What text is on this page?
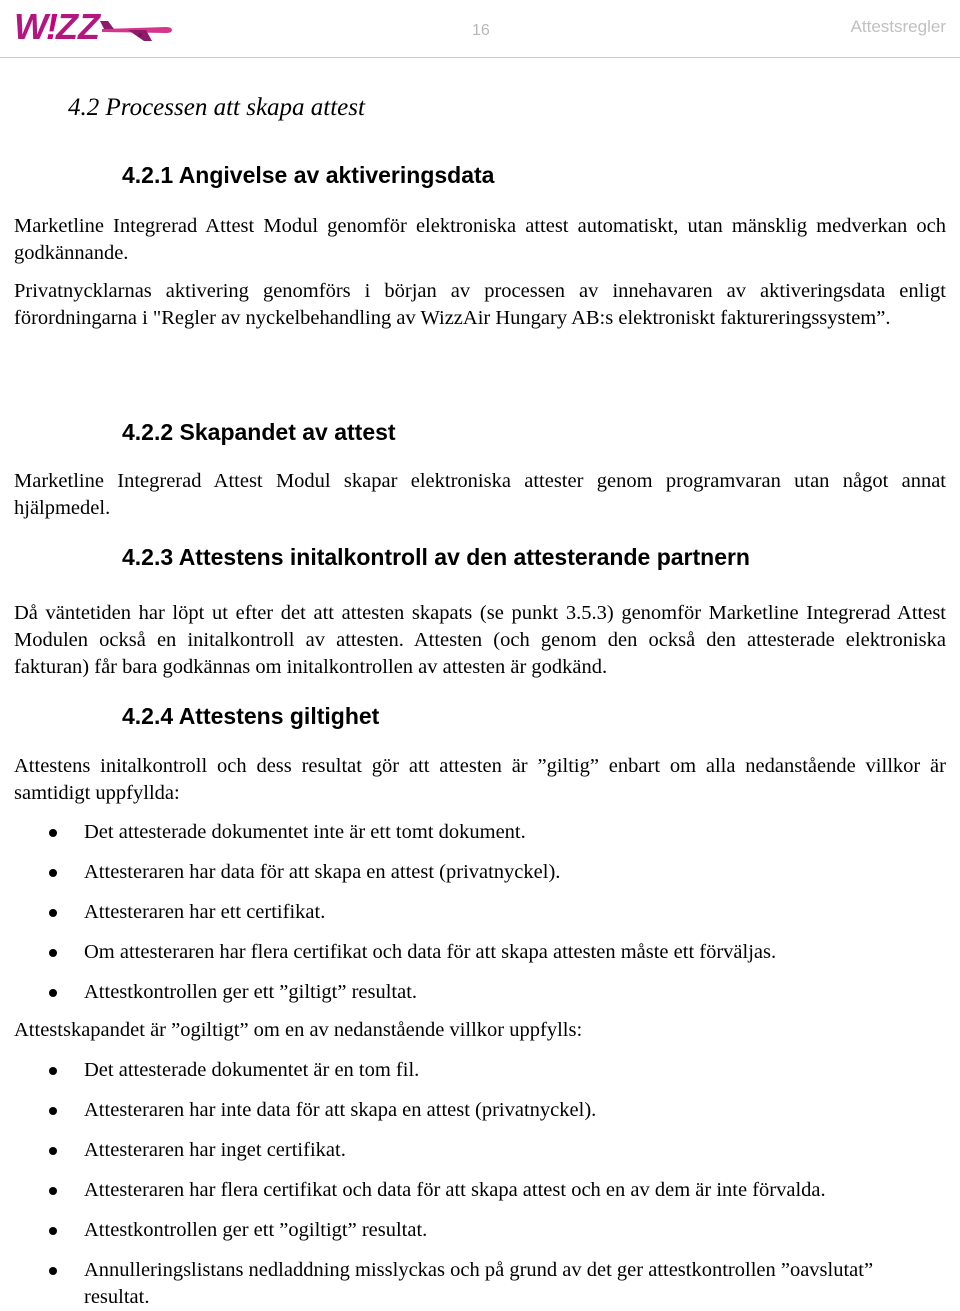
W
!
ZZ	16	Attestsregler
4.2 Processen att skapa attest
4.2.1 Angivelse av aktiveringsdata

Marketline Integrerad Attest Modul genomför elektroniska attest automatiskt, utan mänsklig medverkan och godkännande.

Privatnycklarnas aktivering genomförs i början av processen av innehavaren av aktiveringsdata enligt förordningarna i "Regler av nyckelbehandling av WizzAir Hungary AB:s elektroniskt faktureringssystem”.

4.2.2 Skapandet av attest

Marketline Integrerad Attest Modul skapar elektroniska attester genom programvaran utan något annat hjälpmedel.

4.2.3 Attestens initalkontroll av den attesterande partnern

Då väntetiden har löpt ut efter det att attesten skapats (se punkt 3.5.3) genomför Marketline Integrerad Attest Modulen också en initalkontroll av attesten. Attesten (och genom den också den attesterade elektroniska fakturan) får bara godkännas om initalkontrollen av attesten är godkänd.

4.2.4 Attestens giltighet

Attestens initalkontroll och dess resultat gör att attesten är ”giltig” enbart om alla nedanstående villkor är samtidigt uppfyllda:

Det attesterade dokumentet inte är ett tomt dokument.
Attesteraren har data för att skapa en attest (privatnyckel).
Attesteraren har ett certifikat.
Om attesteraren har flera certifikat och data för att skapa attesten måste ett förväljas.
Attestkontrollen ger ett ”giltigt” resultat.

Attestskapandet är ”ogiltigt” om en av nedanstående villkor uppfylls:

Det attesterade dokumentet är en tom fil.
Attesteraren har inte data för att skapa en attest (privatnyckel).
Attesteraren har inget certifikat.
Attesteraren har flera certifikat och data för att skapa attest och en av dem är inte förvalda.
Attestkontrollen ger ett ”ogiltigt” resultat.
Annulleringslistans nedladdning misslyckas och på grund av det ger attestkontrollen ”oavslutat” resultat.
